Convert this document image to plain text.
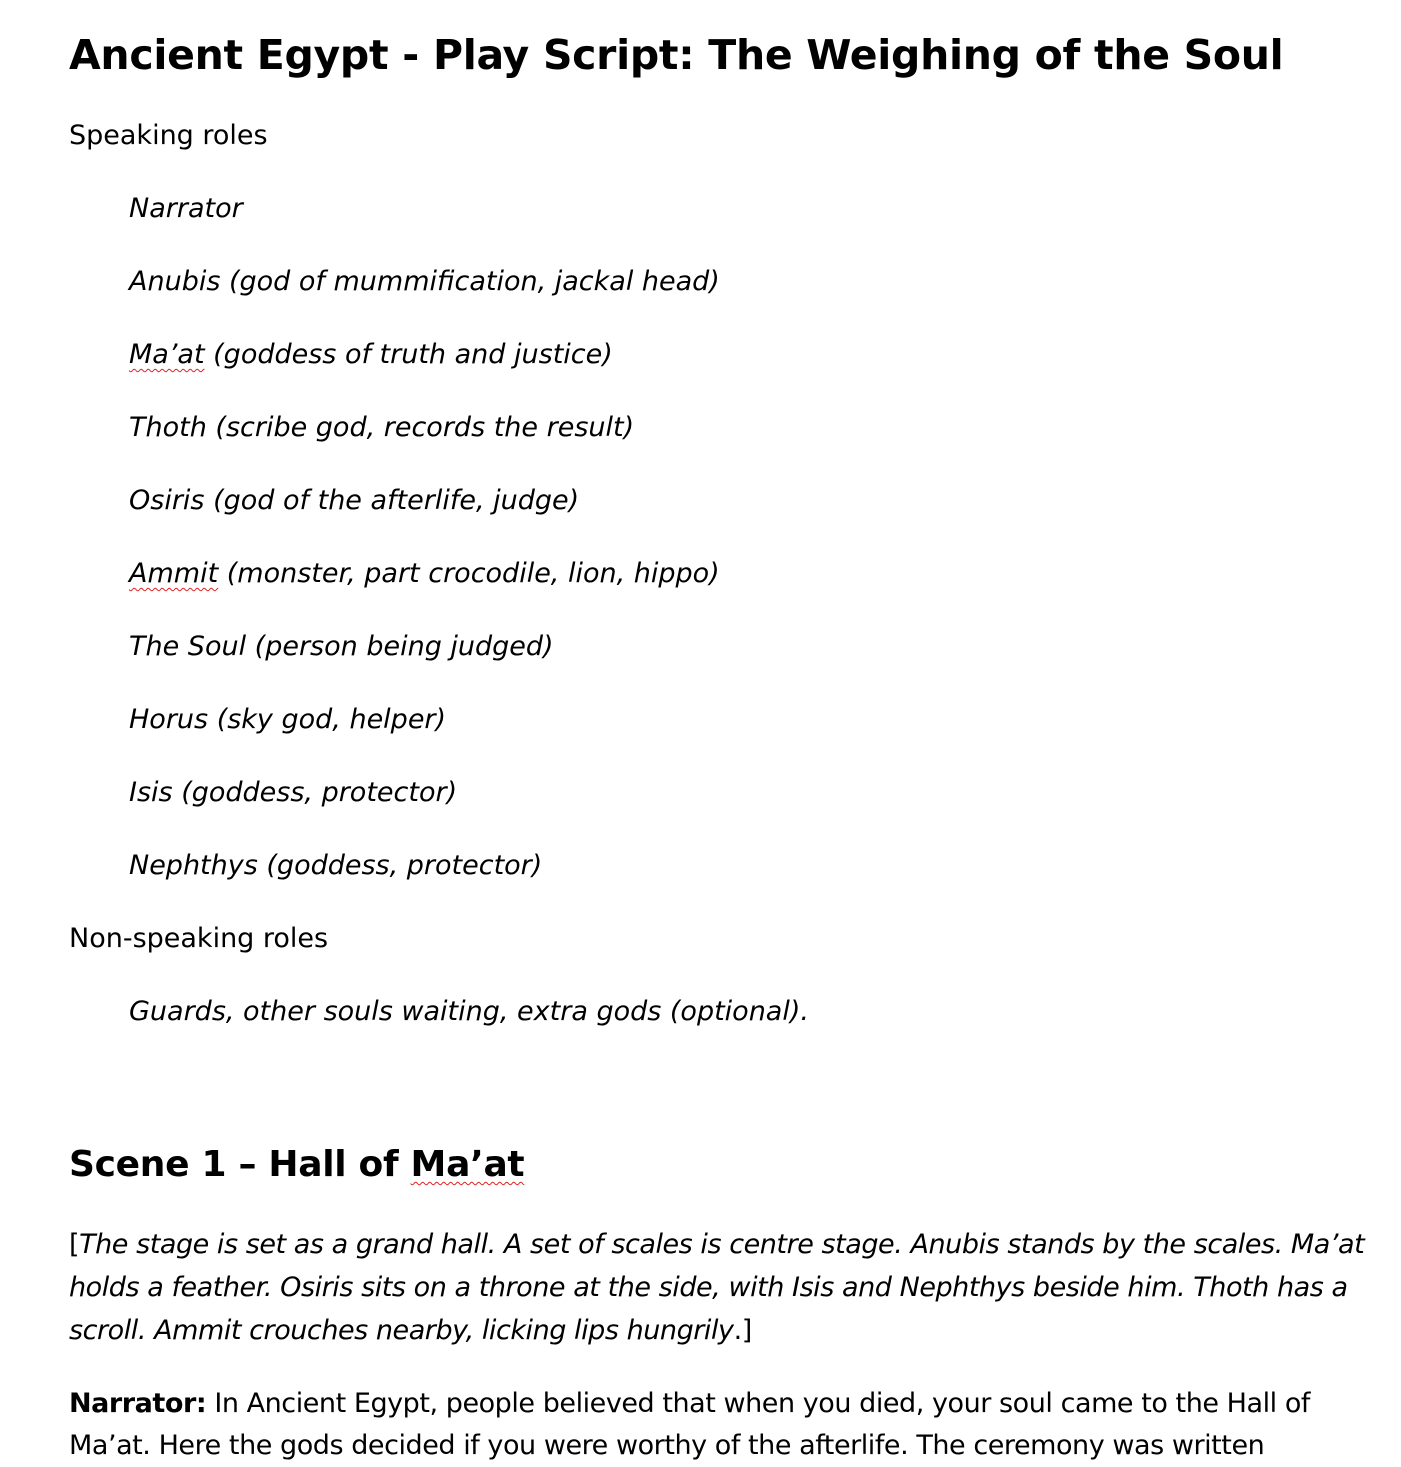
Ancient Egypt - Play Script: The Weighing of the Soul

Speaking roles

Narrator

Anubis (god of mummification, jackal head)

Ma’at (goddess of truth and justice)

Thoth (scribe god, records the result)

Osiris (god of the afterlife, judge)

Ammit (monster, part crocodile, lion, hippo)

The Soul (person being judged)

Horus (sky god, helper)

Isis (goddess, protector)

Nephthys (goddess, protector)

Non-speaking roles

Guards, other souls waiting, extra gods (optional).

Scene 1 – Hall of Ma’at

[The stage is set as a grand hall. A set of scales is centre stage. Anubis stands by the scales. Ma’at holds a feather. Osiris sits on a throne at the side, with Isis and Nephthys beside him. Thoth has a scroll. Ammit crouches nearby, licking lips hungrily.]

Narrator: In Ancient Egypt, people believed that when you died, your soul came to the Hall of Ma’at. Here the gods decided if you were worthy of the afterlife. The ceremony was written
